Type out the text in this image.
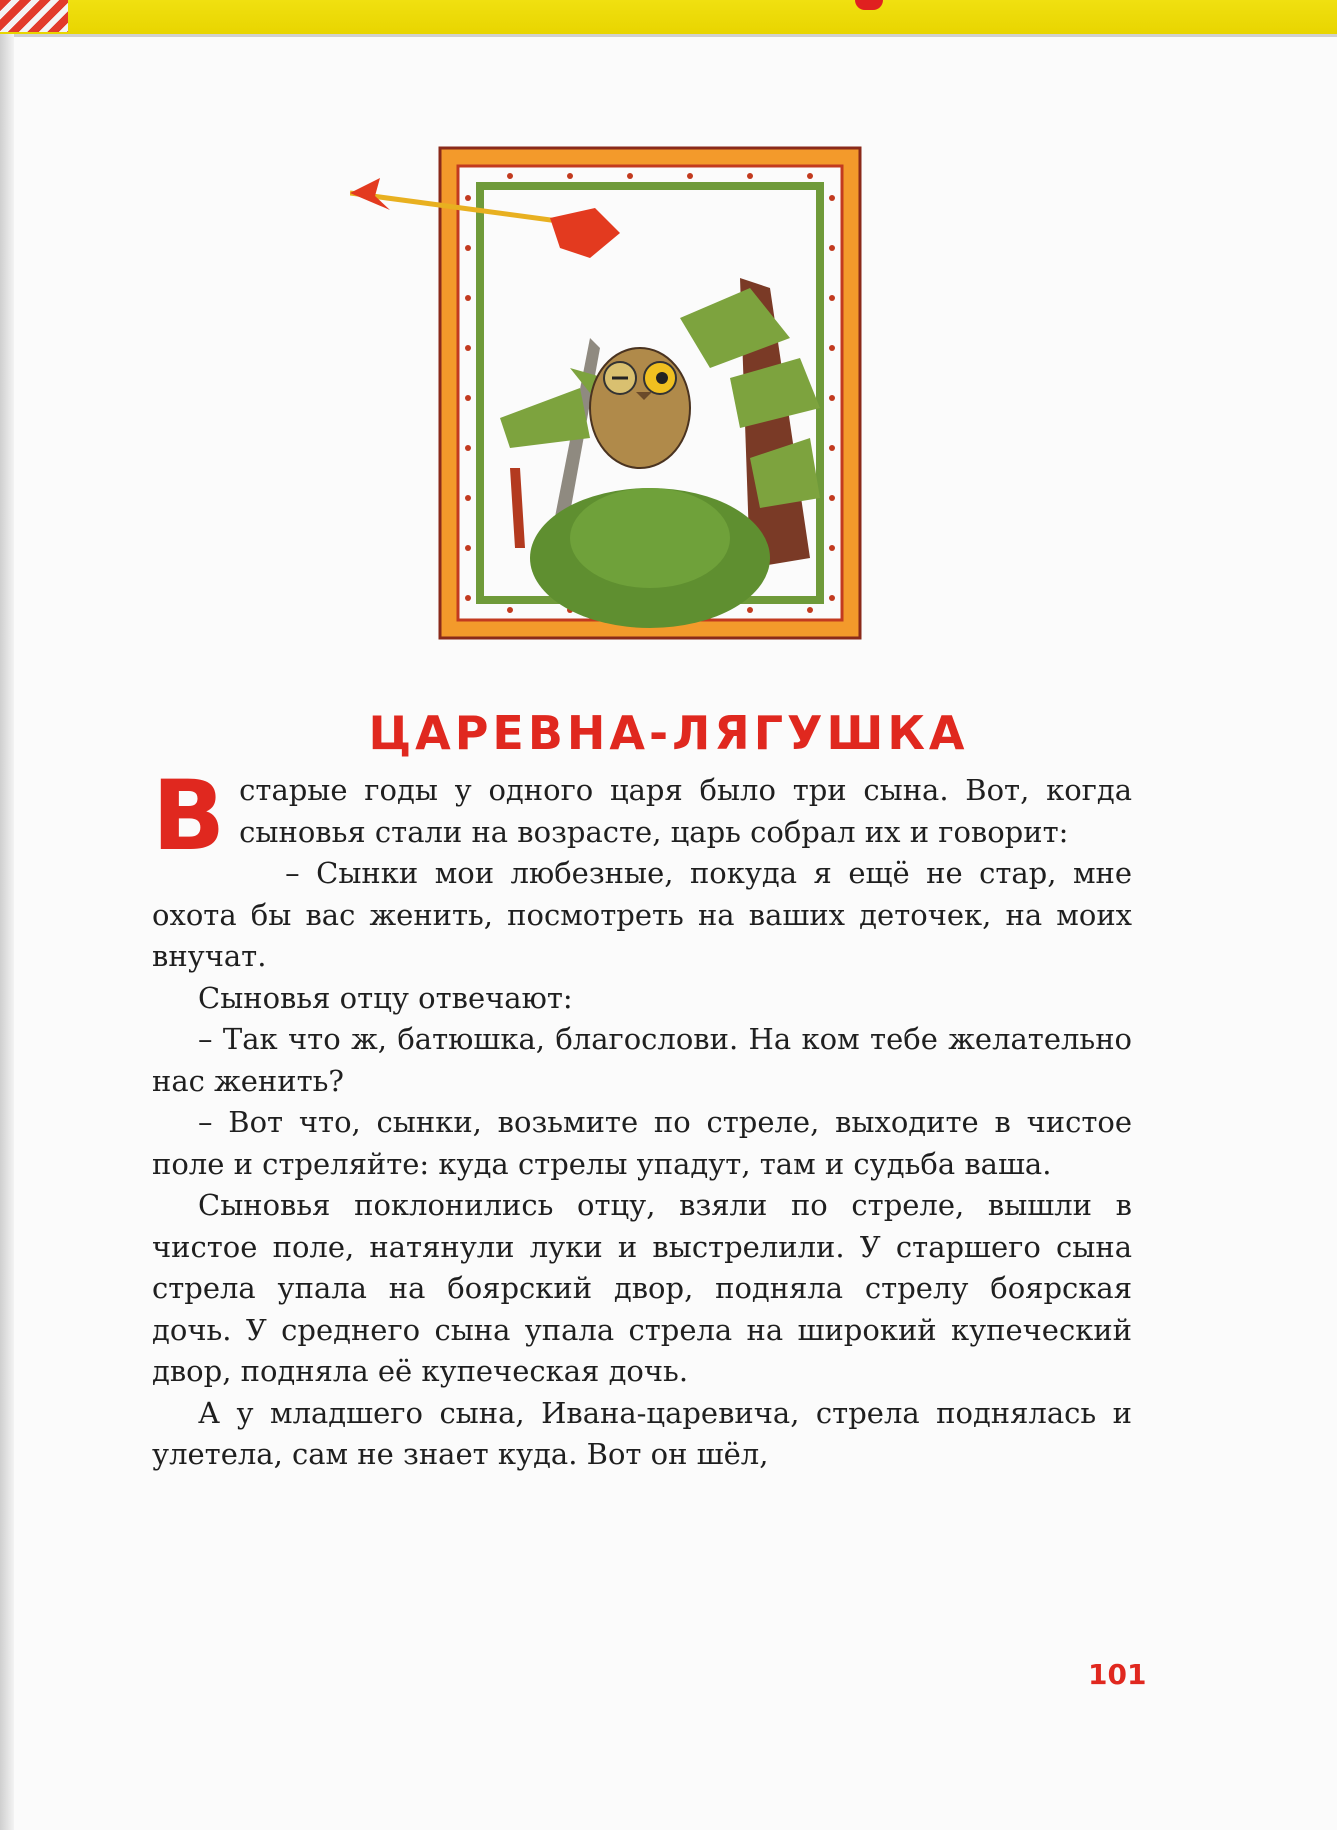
ЦАРЕВНА-ЛЯГУШКА

Встарые годы у одного царя было три сына. Вот, когда сыновья стали на возрасте, царь собрал их и говорит:

– Сынки мои любезные, покуда я ещё не стар, мне охота бы вас женить, посмотреть на ваших деточек, на моих внучат.

Сыновья отцу отвечают:

– Так что ж, батюшка, благослови. На ком тебе желательно нас женить?

– Вот что, сынки, возьмите по стреле, выходите в чистое поле и стреляйте: куда стрелы упадут, там и судьба ваша.

Сыновья поклонились отцу, взяли по стреле, вышли в чистое поле, натянули луки и выстрелили. У старшего сына стрела упала на боярский двор, подняла стрелу боярская дочь. У среднего сына упала стрела на широкий купеческий двор, подняла её купеческая дочь.

А у младшего сына, Ивана-царевича, стрела поднялась и улетела, сам не знает куда. Вот он шёл,

101
